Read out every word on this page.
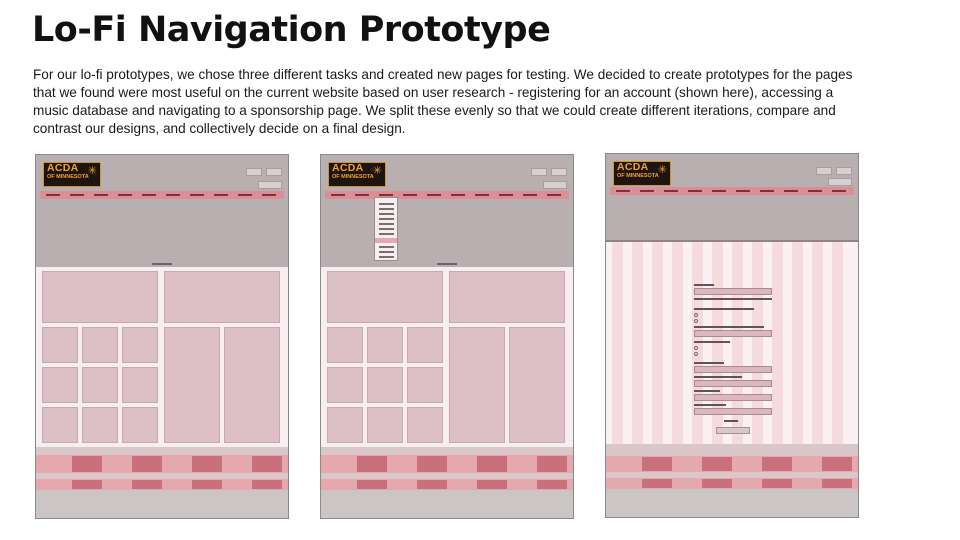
Lo-Fi Navigation Prototype
For our lo-fi prototypes, we chose three different tasks and created new pages for testing. We decided to create prototypes for the pages that we found were most useful on the current website based on user research - registering for an account (shown here), accessing a music database and navigating to a sponsorship page. We split these evenly so that we could create different iterations, compare and contrast our designs, and collectively decide on a final design.
ACDA
OF MINNESOTA ✳	ACDA
OF MINNESOTA ✳	ACDA
OF MINNESOTA ✳
